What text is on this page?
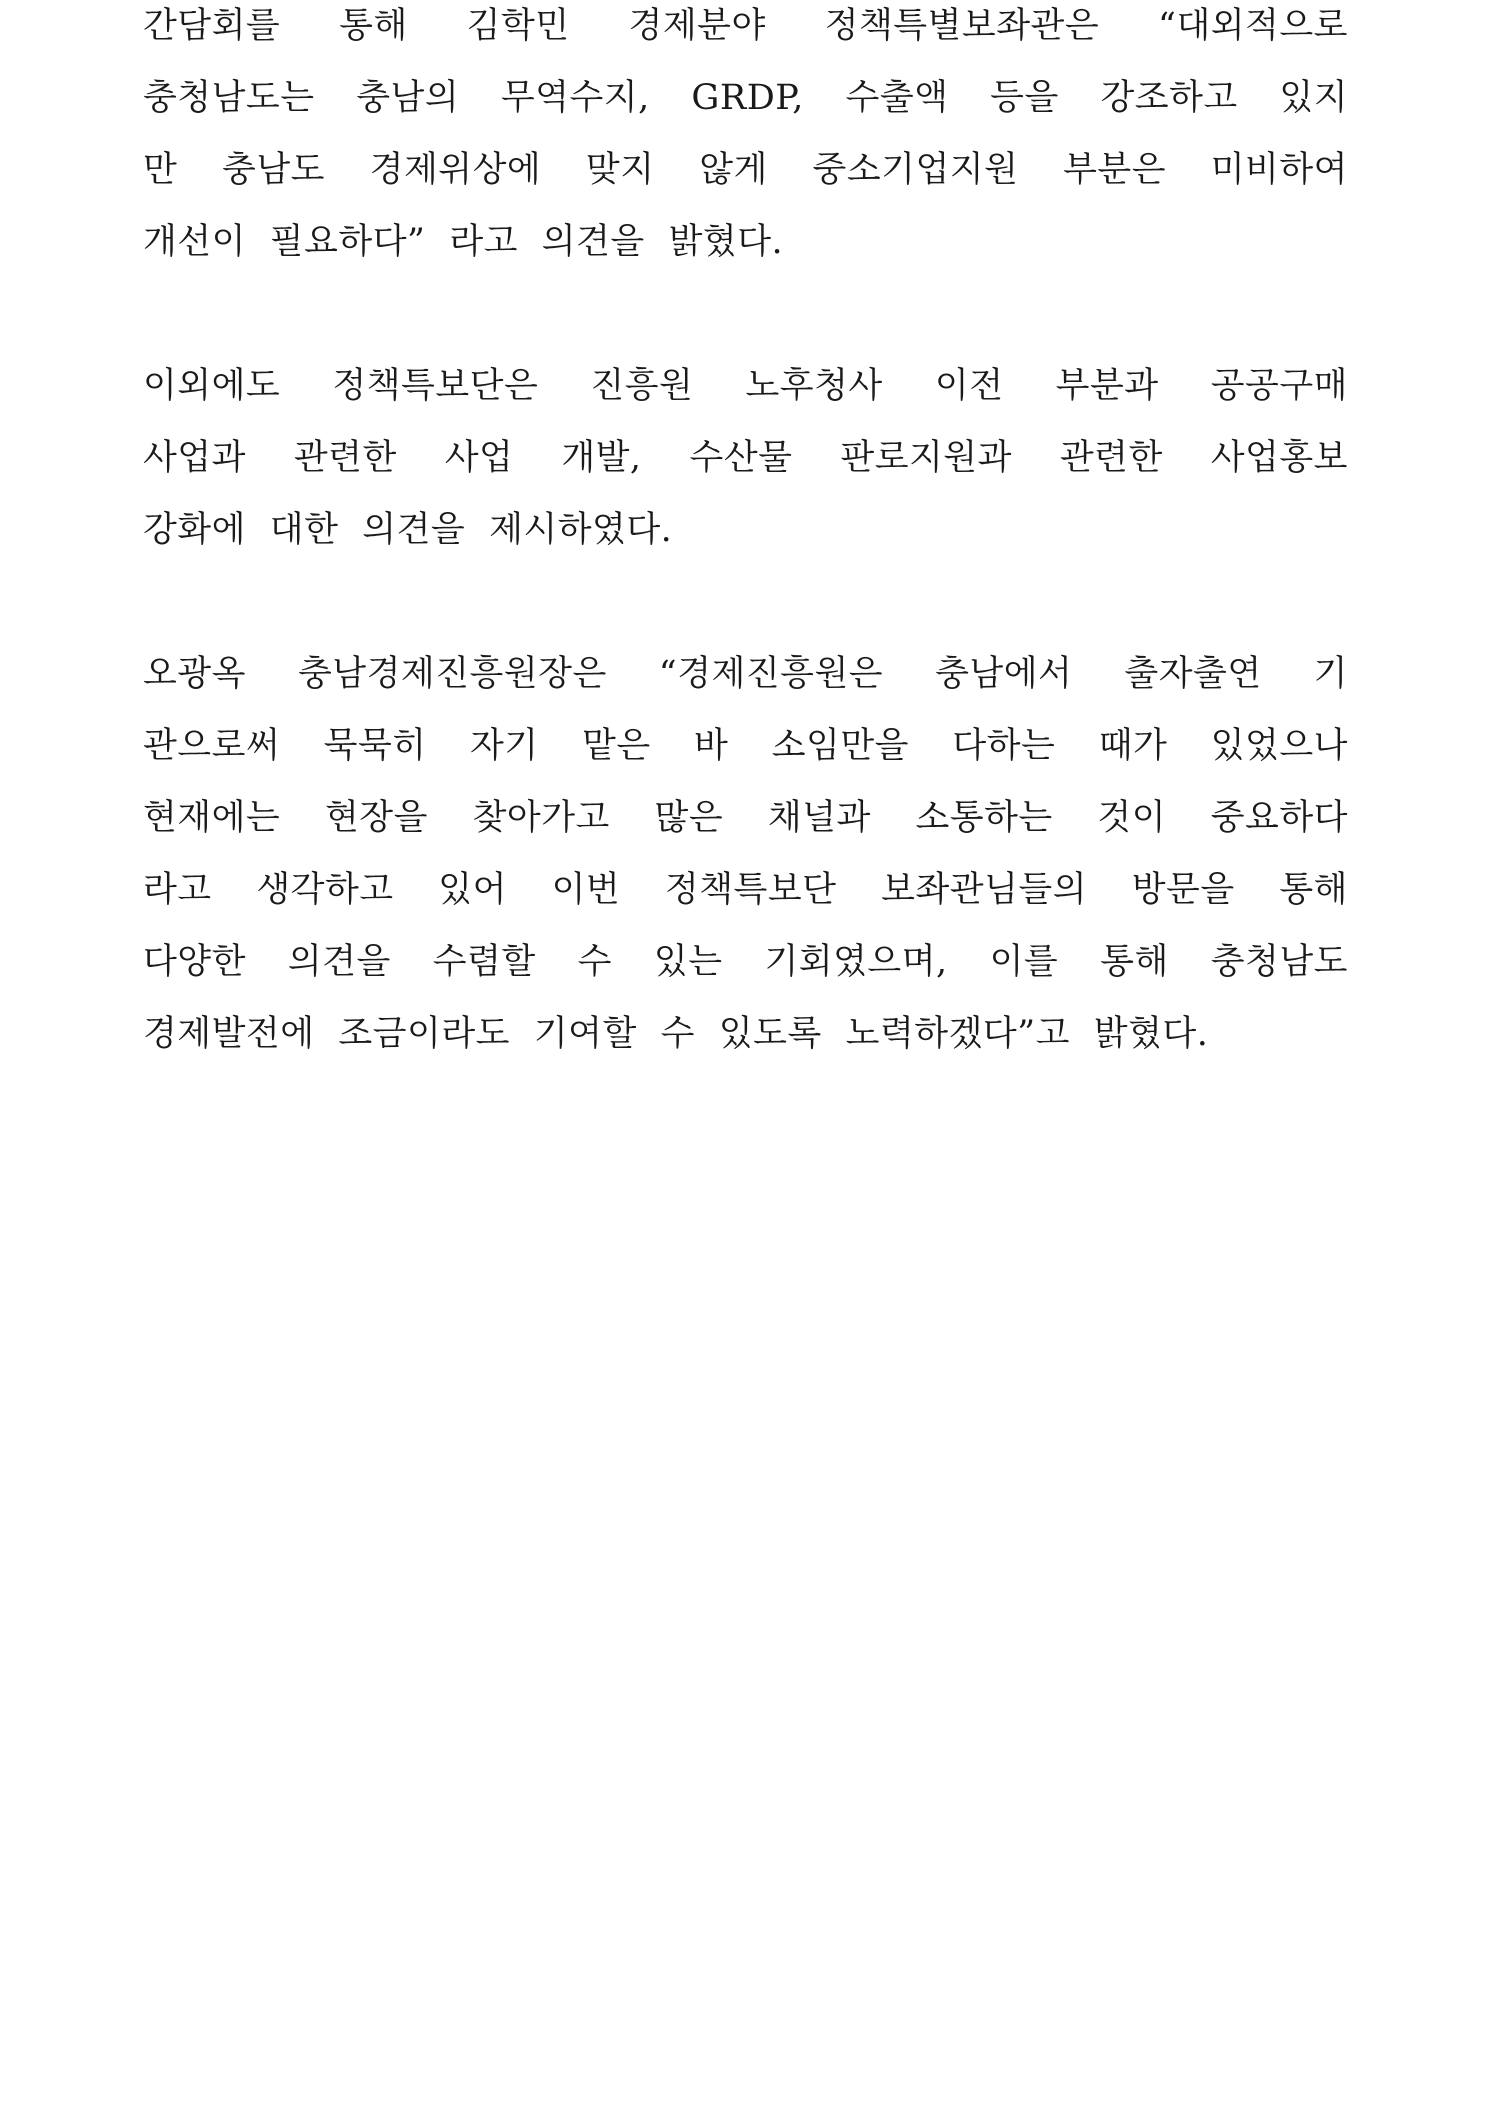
간담회를 통해 김학민 경제분야 정책특별보좌관은 “대외적으로
충청남도는 충남의 무역수지, GRDP, 수출액 등을 강조하고 있지
만 충남도 경제위상에 맞지 않게 중소기업지원 부분은 미비하여
개선이 필요하다” 라고 의견을 밝혔다.

이외에도 정책특보단은 진흥원 노후청사 이전 부분과 공공구매
사업과 관련한 사업 개발, 수산물 판로지원과 관련한 사업홍보
강화에 대한 의견을 제시하였다.

오광옥 충남경제진흥원장은 “경제진흥원은 충남에서 출자출연 기
관으로써 묵묵히 자기 맡은 바 소임만을 다하는 때가 있었으나
현재에는 현장을 찾아가고 많은 채널과 소통하는 것이 중요하다
라고 생각하고 있어 이번 정책특보단 보좌관님들의 방문을 통해
다양한 의견을 수렴할 수 있는 기회였으며, 이를 통해 충청남도
경제발전에 조금이라도 기여할 수 있도록 노력하겠다”고 밝혔다.
